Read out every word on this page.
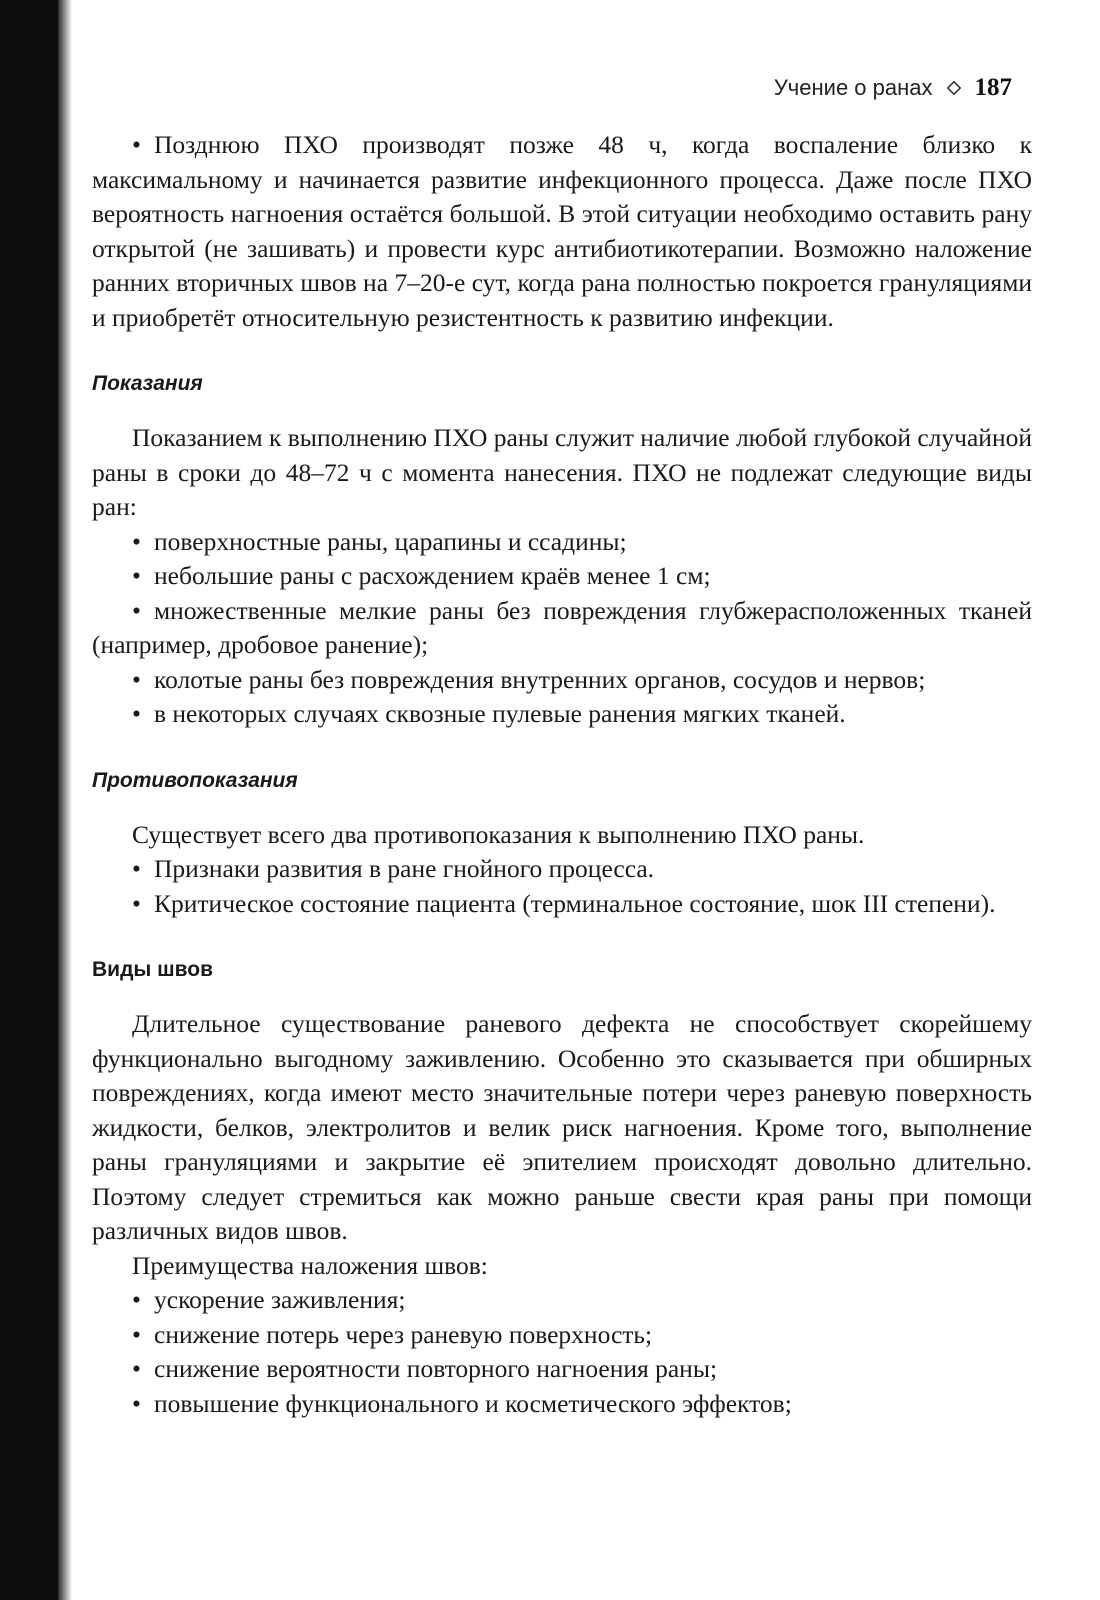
Учение о ранах 187

• Позднюю ПХО производят позже 48 ч, когда воспаление близко к максимальному и начинается развитие инфекционного процесса. Даже после ПХО вероятность нагноения остаётся большой. В этой ситуации необходимо оставить рану открытой (не зашивать) и провести курс антибиотикотерапии. Возможно наложение ранних вторичных швов на 7–20-е сут, когда рана полностью покроется грануляциями и приобретёт относительную резистентность к развитию инфекции.

Показания

Показанием к выполнению ПХО раны служит наличие любой глубокой случайной раны в сроки до 48–72 ч с момента нанесения. ПХО не подлежат следующие виды ран:

• поверхностные раны, царапины и ссадины;

• небольшие раны с расхождением краёв менее 1 см;

• множественные мелкие раны без повреждения глубжерасположенных тканей (например, дробовое ранение);

• колотые раны без повреждения внутренних органов, сосудов и нервов;

• в некоторых случаях сквозные пулевые ранения мягких тканей.

Противопоказания

Существует всего два противопоказания к выполнению ПХО раны.

• Признаки развития в ране гнойного процесса.

• Критическое состояние пациента (терминальное состояние, шок III степени).

Виды швов

Длительное существование раневого дефекта не способствует скорейшему функционально выгодному заживлению. Особенно это сказывается при обширных повреждениях, когда имеют место значительные потери через раневую поверхность жидкости, белков, электролитов и велик риск нагноения. Кроме того, выполнение раны грануляциями и закрытие её эпителием происходят довольно длительно. Поэтому следует стремиться как можно раньше свести края раны при помощи различных видов швов.

Преимущества наложения швов:

• ускорение заживления;

• снижение потерь через раневую поверхность;

• снижение вероятности повторного нагноения раны;

• повышение функционального и косметического эффектов;
